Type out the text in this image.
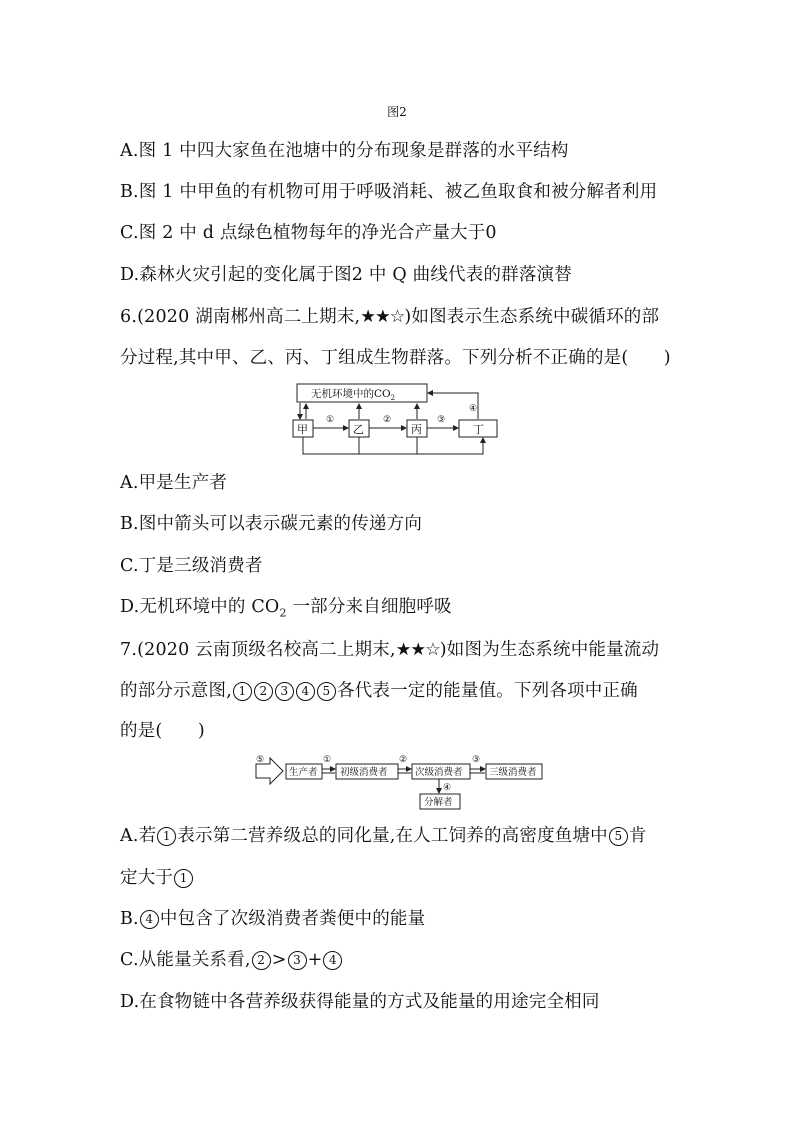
图2
A.图 1 中四大家鱼在池塘中的分布现象是群落的水平结构
B.图 1 中甲鱼的有机物可用于呼吸消耗、被乙鱼取食和被分解者利用
C.图 2 中 d 点绿色植物每年的净光合产量大于0
D.森林火灾引起的变化属于图2 中 Q 曲线代表的群落演替
6.(2020 湖南郴州高二上期末,★★☆)如图表示生态系统中碳循环的部
分过程,其中甲、乙、丙、丁组成生物群落。下列分析不正确的是(　　)
无机环境中的$CO_2$
甲	乙	丙	丁
①	②	③
④
A.甲是生产者
B.图中箭头可以表示碳元素的传递方向
C.丁是三级消费者
D.无机环境中的 $CO_2$ 一部分来自细胞呼吸
7.(2020 云南顶级名校高二上期末,★★☆)如图为生态系统中能量流动
的部分示意图, 1 2 3 4 5 各代表一定的能量值。下列各项中正确
的是(　　)
⑤
生产者 初级消费者	次级消费者	三级消费者
分解者
①	②	③
④
A.若 1 表示第二营养级总的同化量,在人工饲养的高密度鱼塘中 5 肯
定大于 1
B. 4 中包含了次级消费者粪便中的能量
C.从能量关系看, 2 > 3 + 4
D.在食物链中各营养级获得能量的方式及能量的用途完全相同
